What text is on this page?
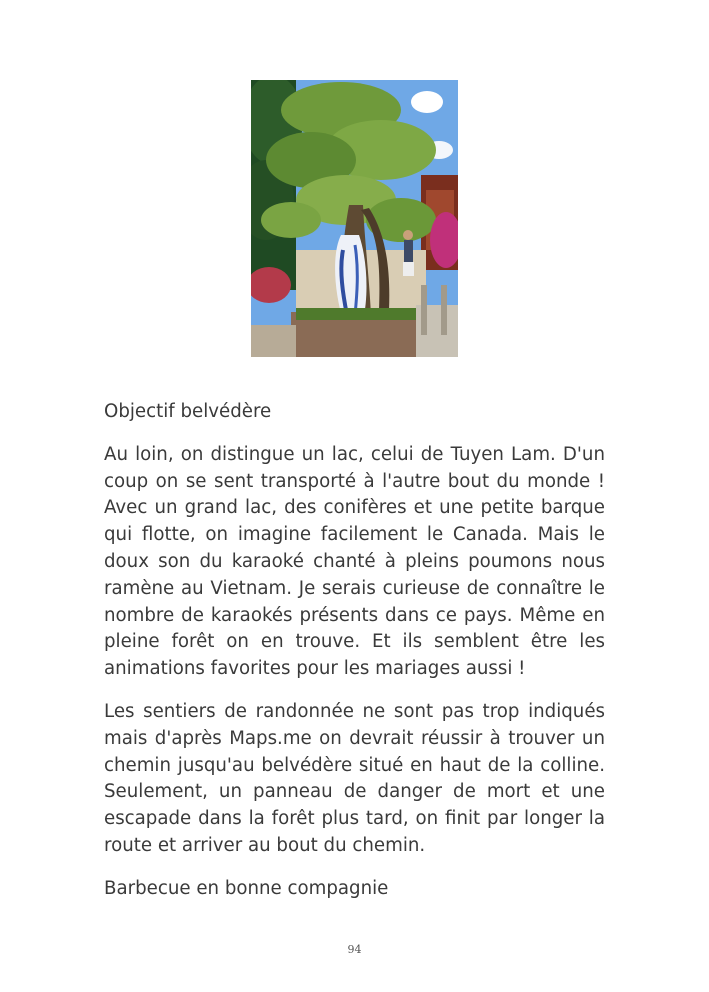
Objectif belvédère

Au loin, on distingue un lac, celui de Tuyen Lam. D'un coup on se sent transporté à l'autre bout du monde ! Avec un grand lac, des conifères et une petite barque qui flotte, on imagine facilement le Canada. Mais le doux son du karaoké chanté à pleins poumons nous ramène au Vietnam. Je serais curieuse de connaître le nombre de karaokés présents dans ce pays. Même en pleine forêt on en trouve. Et ils semblent être les animations favorites pour les mariages aussi !

Les sentiers de randonnée ne sont pas trop indiqués mais d'après Maps.me on devrait réussir à trouver un chemin jusqu'au belvédère situé en haut de la colline. Seulement, un panneau de danger de mort et une escapade dans la forêt plus tard, on finit par longer la route et arriver au bout du chemin.

Barbecue en bonne compagnie

94
